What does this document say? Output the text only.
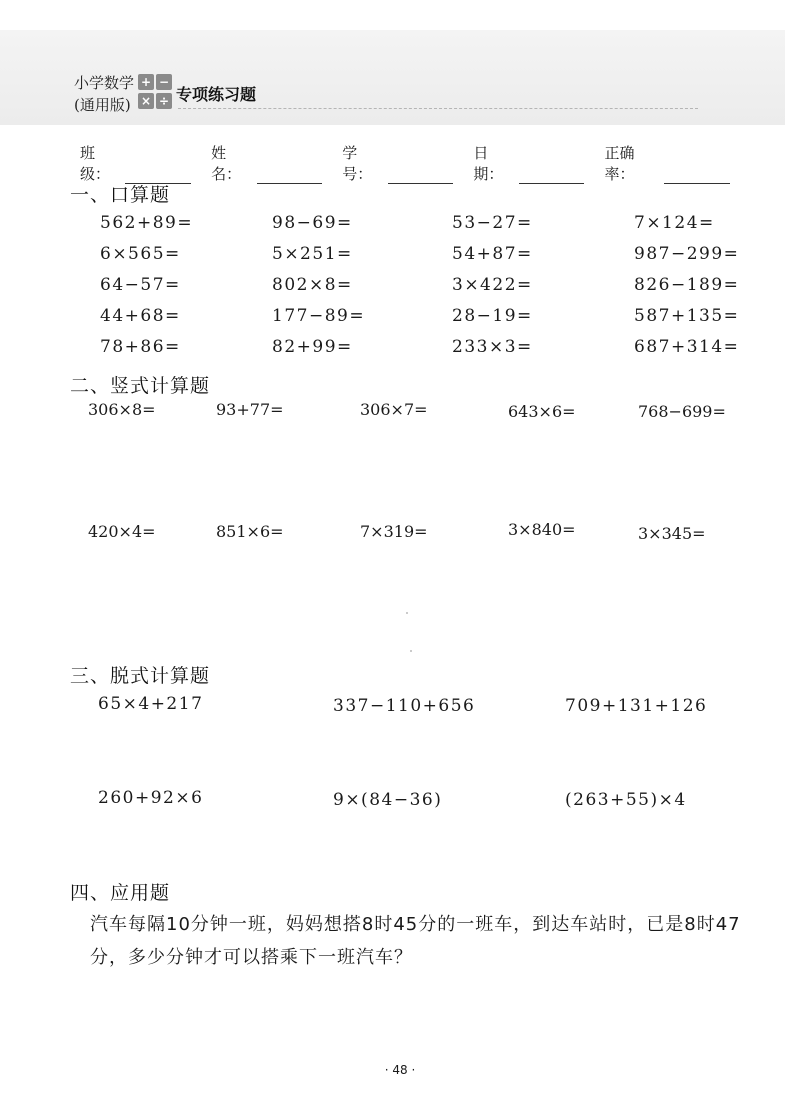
小学数学
(通用版)
+ −
× ÷ 专项练习题
班级：
姓名：
学号：
日期：
正确率：
一、口算题
562+89=	98−69=	53−27=	7×124=
6×565=	5×251=	54+87=	987−299=
64−57=	802×8=	3×422=	826−189=
44+68=	177−89=	28−19=	587+135=
78+86=	82+99=	233×3=	687+314=
二、竖式计算题
306×8=	93+77=	306×7=	643×6=	768−699=
420×4=	851×6=	7×319=	3×840=	3×345=
三、脱式计算题
65×4+217	337−110+656	709+131+126
260+92×6	9×(84−36)	(263+55)×4
四、应用题
汽车每隔10分钟一班，妈妈想搭8时45分的一班车，到达车站时，已是8时47分，多少分钟才可以搭乘下一班汽车？
· 48 ·
